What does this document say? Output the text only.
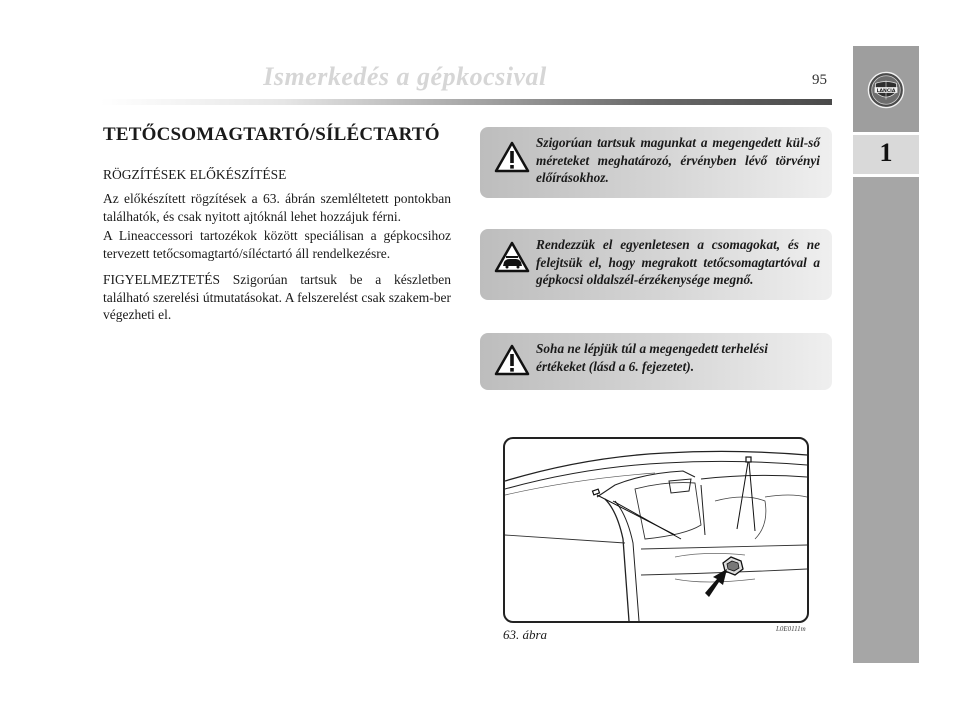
Ismerkedés a gépkocsival	95
1
LANCIA
TETŐCSOMAGTARTÓ/SÍLÉCTARTÓ
RÖGZÍTÉSEK ELŐKÉSZÍTÉSE
Az előkészített rögzítések a 63. ábrán szemléltetett pontokban találhatók, és csak nyitott ajtóknál lehet hozzájuk férni.
A Lineaccessori tartozékok között speciálisan a gépkocsihoz tervezett tetőcsomagtartó/síléctartó áll rendelkezésre.
FIGYELMEZTETÉS Szigorúan tartsuk be a készletben található szerelési útmutatásokat. A felszerelést csak szakem-ber végezheti el.
Szigorúan tartsuk magunkat a megengedett kül-ső méreteket meghatározó, érvényben lévő törvényi előírásokhoz.
Rendezzük el egyenletesen a csomagokat, és ne felejtsük el, hogy megrakott tetőcsomagtartóval a gépkocsi oldalszél-érzékenysége megnő.
Soha ne lépjük túl a megengedett terhelési értékeket (lásd a 6. fejezetet).
L0E0111m
63. ábra
